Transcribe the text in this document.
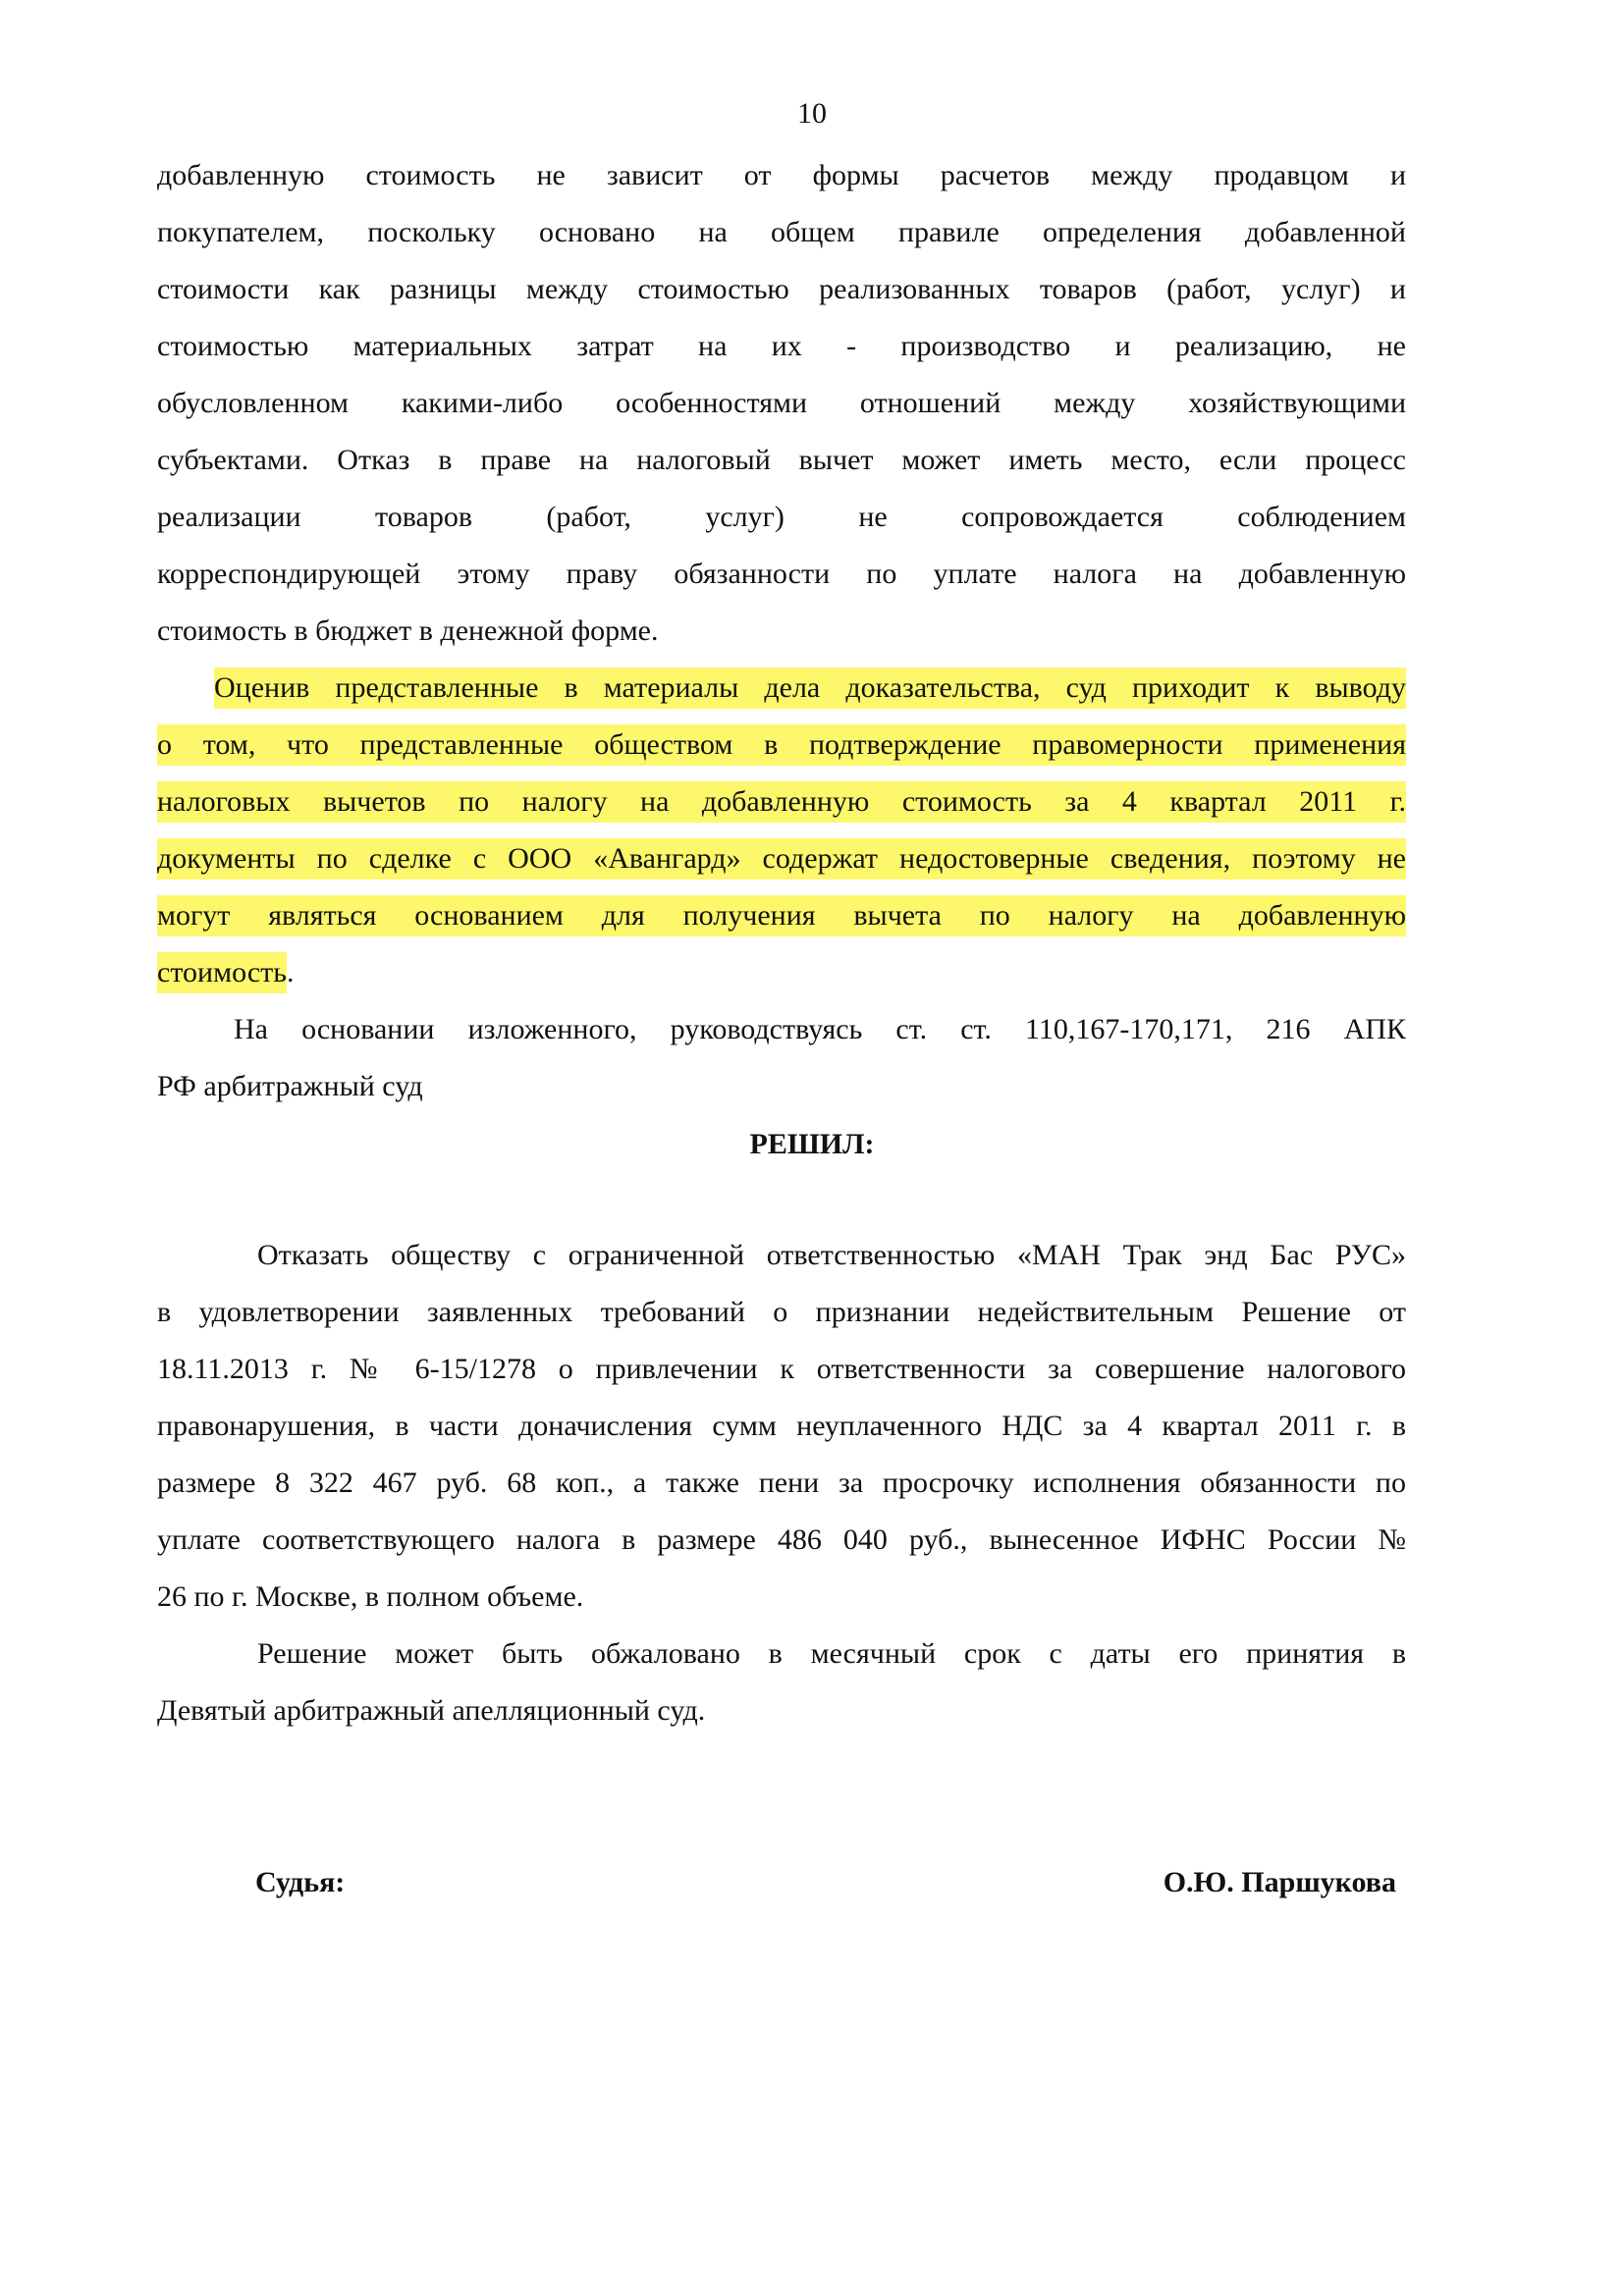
10
добавленную стоимость не зависит от формы расчетов между продавцом и
покупателем, поскольку основано на общем правиле определения добавленной
стоимости как разницы между стоимостью реализованных товаров (работ, услуг) и
стоимостью материальных затрат на их - производство и реализацию, не
обусловленном какими-либо особенностями отношений между хозяйствующими
субъектами. Отказ в праве на налоговый вычет может иметь место, если процесс
реализации товаров (работ, услуг) не сопровождается соблюдением
корреспондирующей этому праву обязанности по уплате налога на добавленную
стоимость в бюджет в денежной форме.
Оценив представленные в материалы дела доказательства, суд приходит к выводу
о том, что представленные обществом в подтверждение правомерности применения
налоговых вычетов по налогу на добавленную стоимость за 4 квартал 2011 г.
документы по сделке с ООО «Авангард» содержат недостоверные сведения, поэтому не
могут являться основанием для получения вычета по налогу на добавленную
стоимость.
На основании изложенного, руководствуясь ст. ст. 110,167-170,171, 216 АПК
РФ арбитражный суд
РЕШИЛ:
Отказать обществу с ограниченной ответственностью «МАН Трак энд Бас РУС»
в удовлетворении заявленных требований о признании недействительным Решение от
18.11.2013 г. № 6-15/1278 о привлечении к ответственности за совершение налогового
правонарушения, в части доначисления сумм неуплаченного НДС за 4 квартал 2011 г. в
размере 8 322 467 руб. 68 коп., а также пени за просрочку исполнения обязанности по
уплате соответствующего налога в размере 486 040 руб., вынесенное ИФНС России №
26 по г. Москве, в полном объеме.
Решение может быть обжаловано в месячный срок с даты его принятия в
Девятый арбитражный апелляционный суд.
Судья:	О.Ю. Паршукова
